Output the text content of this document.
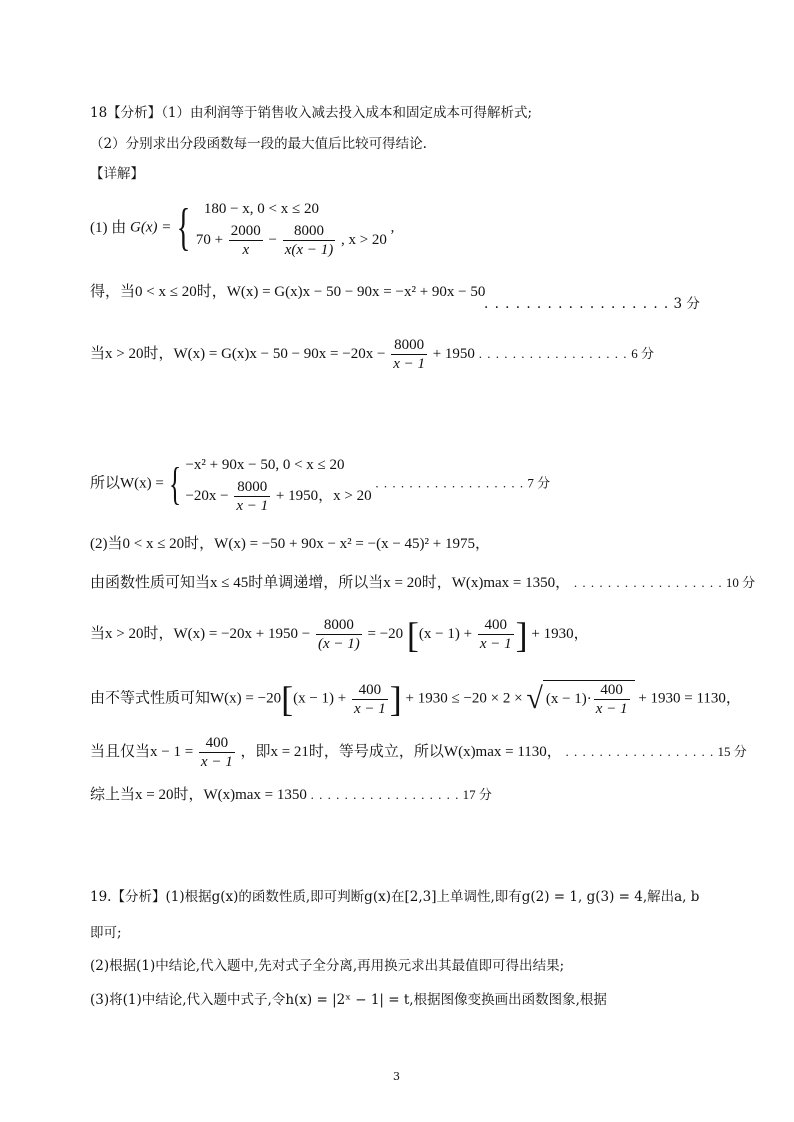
18【分析】（1）由利润等于销售收入减去投入成本和固定成本可得解析式;
（2）分别求出分段函数每一段的最大值后比较可得结论.
【详解】
(1) 由 G(x) = { 180 − x, 0 < x ≤ 20
$70 + \frac{2000}{x} - \frac{8000}{x(x - 1)}$ , x > 20
,
得，当0 < x ≤ 20时，W(x) = G(x)x − 50 − 90x = −x² + 90x − 50
. . . . . . . . . . . . . . . . . . 3 分
当x > 20时，$W(x) = G(x)x - 50 - 90x = -20x - \frac{8000}{x - 1} + 1950$ . . . . . . . . . . . . . . . . . . 6 分
所以W(x) = { −x² + 90x − 50, 0 < x ≤ 20
$-20x - \frac{8000}{x - 1} + 1950$，x > 20
. . . . . . . . . . . . . . . . . . 7 分
(2)当0 < x ≤ 20时，W(x) = −50 + 90x − x² = −(x − 45)² + 1975，
由函数性质可知当x ≤ 45时单调递增，所以当x = 20时，W(x)max = 1350， . . . . . . . . . . . . . . . . . . 10 分
当x > 20时，$W(x) = -20x + 1950 - \frac{8000}{(x - 1)} = -20$ [$(x - 1) + \frac{400}{x - 1}$ ] + 1930，
由不等式性质可知$W(x) = -20[(x - 1) + \frac{400}{x - 1}$ ] + 1930 ≤ −20 × 2 × √ $(x - 1)\cdot \frac{400}{x - 1} + 1930 = 1130$，
当且仅当$x - 1 = \frac{400}{x - 1}$ ，即x = 21时，等号成立，所以W(x)max = 1130， . . . . . . . . . . . . . . . . . . 15 分
综上当x = 20时，W(x)max = 1350 . . . . . . . . . . . . . . . . . . 17 分
19.【分析】(1)根据g(x)的函数性质,即可判断g(x)在[2,3]上单调性,即有g(2) = 1, g(3) = 4,解出a, b
即可;
(2)根据(1)中结论,代入题中,先对式子全分离,再用换元求出其最值即可得出结果;
(3)将(1)中结论,代入题中式子,令h(x) = |2ˣ − 1| = t,根据图像变换画出函数图象,根据
3
